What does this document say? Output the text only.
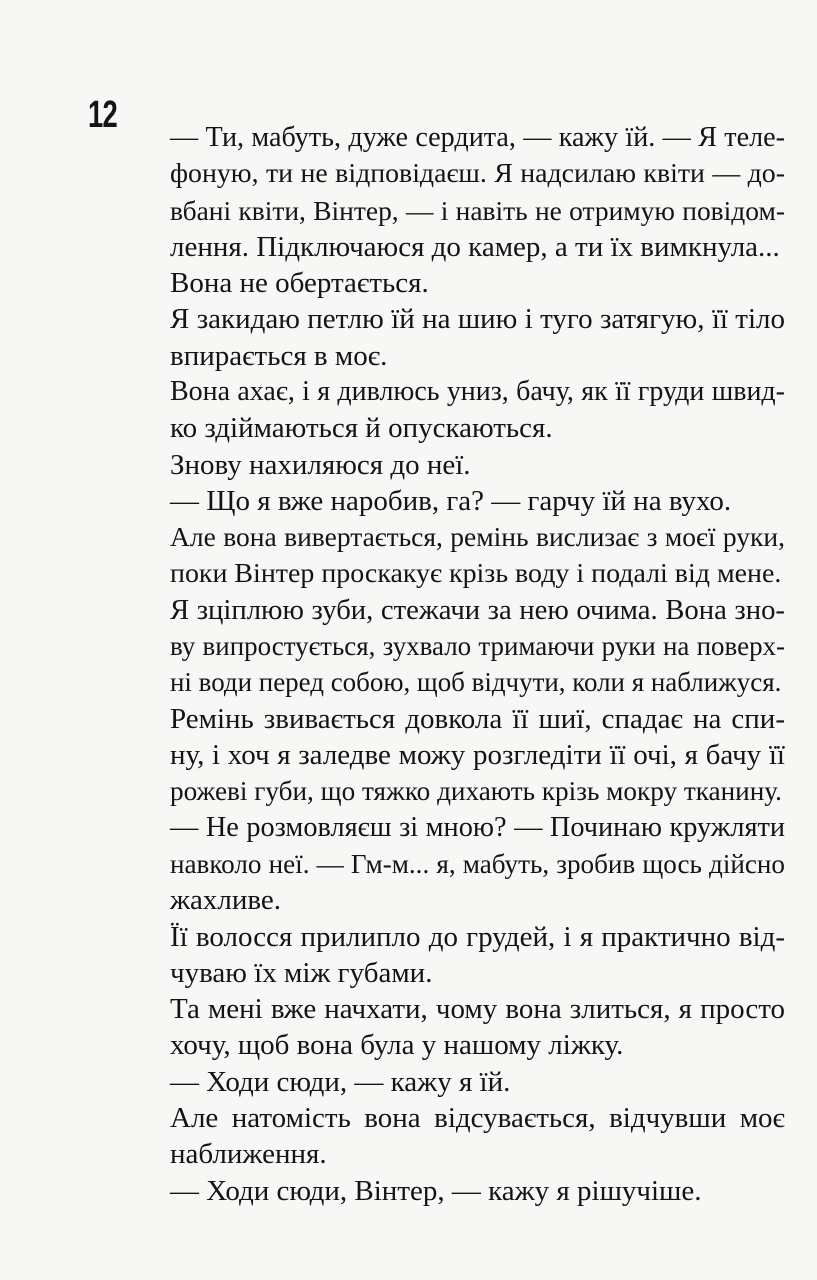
12

— Ти, мабуть, дуже сердита, — кажу їй. — Я теле-
фоную, ти не відповідаєш. Я надсилаю квіти — до-
вбані квіти, Вінтер, — і навіть не отримую повідом-
лення. Підключаюся до камер, а ти їх вимкнула...

Вона не обертається.

Я закидаю петлю їй на шию і туго затягую, її тіло
впирається в моє.

Вона ахає, і я дивлюсь униз, бачу, як її груди швид-
ко здіймаються й опускаються.

Знову нахиляюся до неї.

— Що я вже наробив, га? — гарчу їй на вухо.

Але вона вивертається, ремінь вислизає з моєї руки,
поки Вінтер проскакує крізь воду і подалі від мене.

Я зціплюю зуби, стежачи за нею очима. Вона зно-
ву випростується, зухвало тримаючи руки на поверх-
ні води перед собою, щоб відчути, коли я наближуся.

Ремінь звивається довкола її шиї, спадає на спи-
ну, і хоч я заледве можу розгледіти її очі, я бачу її
рожеві губи, що тяжко дихають крізь мокру тканину.

— Не розмовляєш зі мною? — Починаю кружляти
навколо неї. — Гм-м... я, мабуть, зробив щось дійсно
жахливе.

Її волосся прилипло до грудей, і я практично від-
чуваю їх між губами.

Та мені вже начхати, чому вона злиться, я просто
хочу, щоб вона була у нашому ліжку.

— Ходи сюди, — кажу я їй.

Але натомість вона відсувається, відчувши моє
наближення.

— Ходи сюди, Вінтер, — кажу я рішучіше.
